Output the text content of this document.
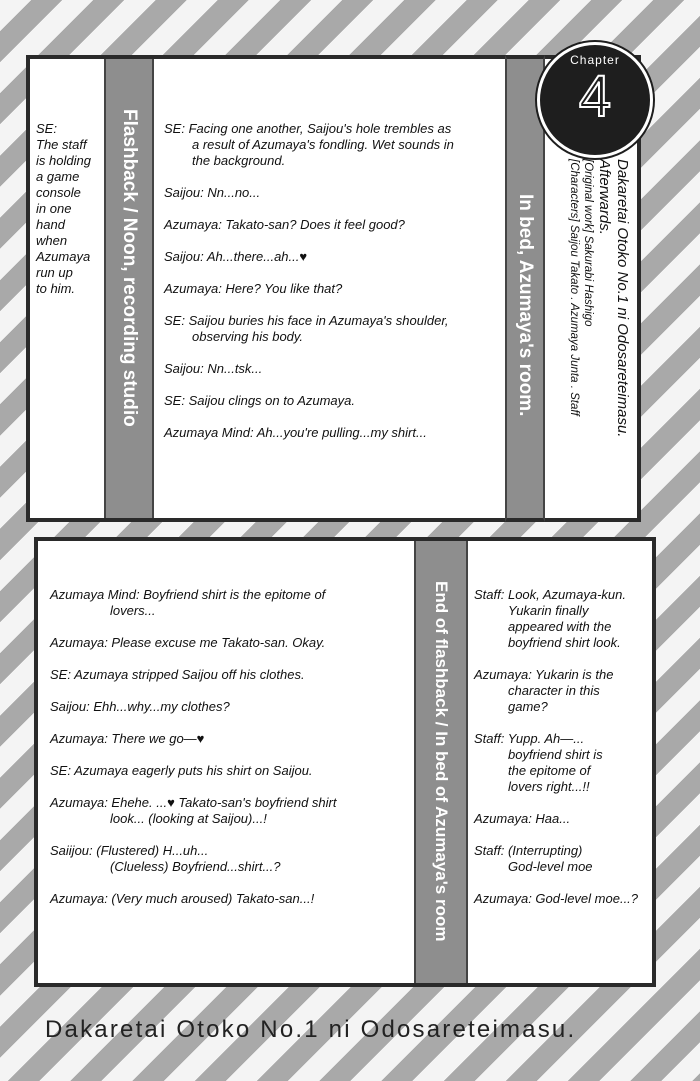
SE:
The staff
is holding
a game
console
in one
hand
when
Azumaya
run up
to him.	Flashback / Noon, recording studio	SE: Facing one another, Saijou's hole trembles as
a result of Azumaya's fondling. Wet sounds in
the background.
Saijou: Nn...no...
Azumaya: Takato-san? Does it feel good?
Saijou: Ah...there...ah...♥
Azumaya: Here? You like that?
SE: Saijou buries his face in Azumaya's shoulder,
observing his body.
Saijou: Nn...tsk...
SE: Saijou clings on to Azumaya.
Azumaya Mind: Ah...you're pulling...my shirt...
In bed, Azumaya's room.	Dakaretai Otoko No.1 ni Odosareteimasu.
Afterwards.
[Original work] Sakurabi Hashigo
[Characters] Saijou Takato . Azumaya Junta . Staff
Chapter
4
Azumaya Mind: Boyfriend shirt is the epitome of
lovers...
Azumaya: Please excuse me Takato-san. Okay.
SE: Azumaya stripped Saijou off his clothes.
Saijou: Ehh...why...my clothes?
Azumaya: There we go—♥
SE: Azumaya eagerly puts his shirt on Saijou.
Azumaya: Ehehe. ...♥ Takato-san's boyfriend shirt
look... (looking at Saijou)...!
Saiijou: (Flustered) H...uh...
(Clueless) Boyfriend...shirt...?
Azumaya: (Very much aroused) Takato-san...!	End of flashback / In bed of Azumaya's room	Staff: Look, Azumaya-kun.
Yukarin finally
appeared with the
boyfriend shirt look.
Azumaya: Yukarin is the
character in this
game?
Staff: Yupp. Ah—...
boyfriend shirt is
the epitome of
lovers right...!!
Azumaya: Haa...
Staff: (Interrupting)
God-level moe
Azumaya: God-level moe...?
Dakaretai Otoko No.1 ni Odosareteimasu.
